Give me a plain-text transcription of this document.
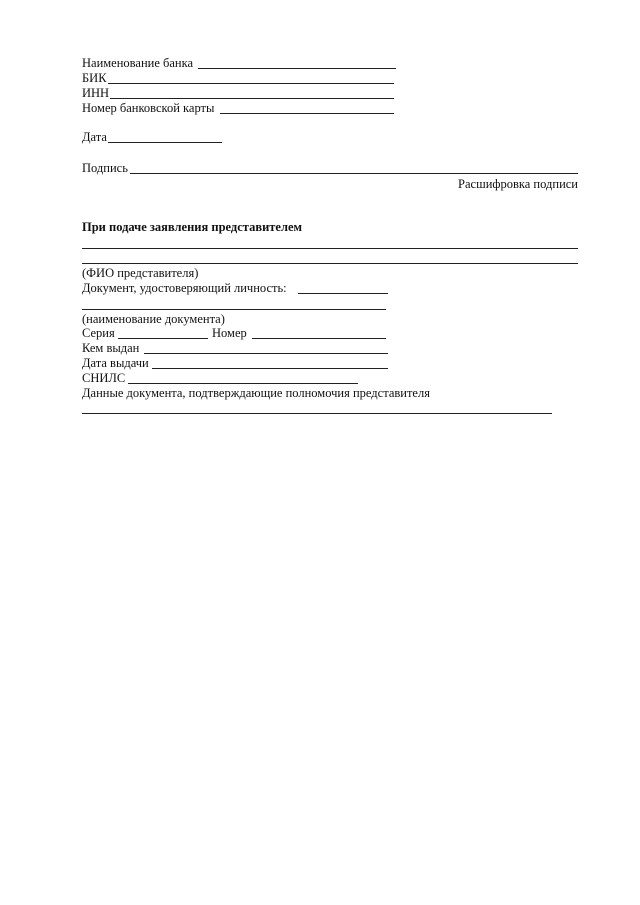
Наименование банка
БИК
ИНН
Номер банковской карты
Дата
Подпись
Расшифровка подписи
При подаче заявления представителем
(ФИО представителя)
Документ, удостоверяющий личность:
(наименование документа)
Серия	Номер
Кем выдан
Дата выдачи
СНИЛС
Данные документа, подтверждающие полномочия представителя
